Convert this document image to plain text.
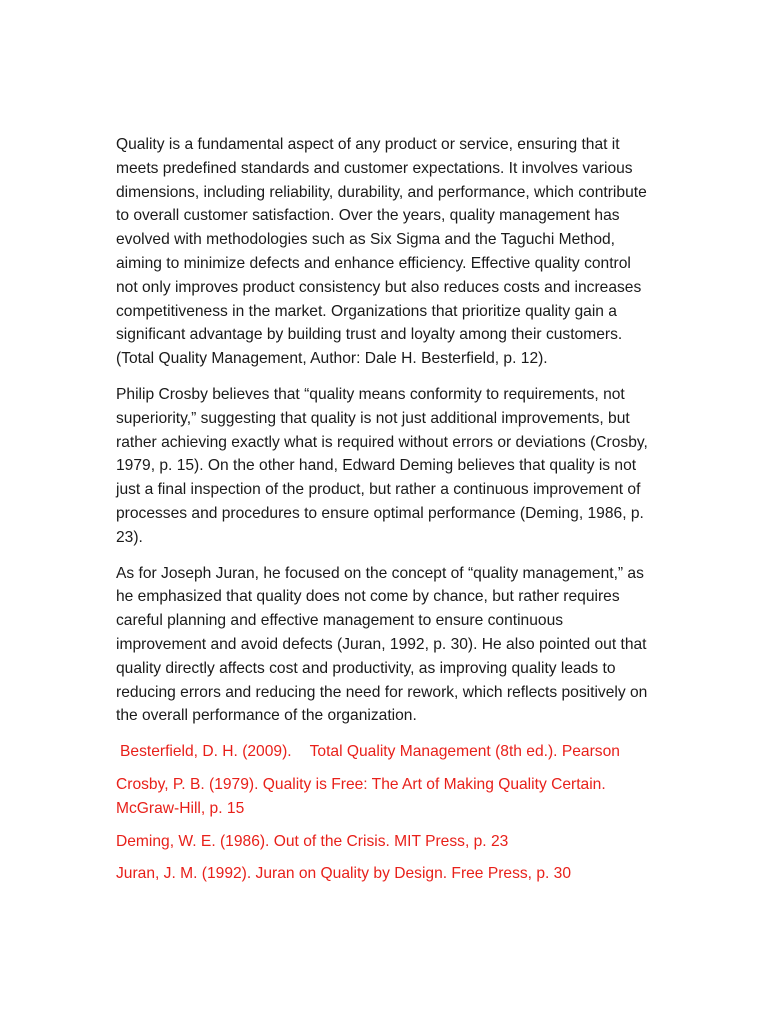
Quality is a fundamental aspect of any product or service, ensuring that it meets predefined standards and customer expectations. It involves various dimensions, including reliability, durability, and performance, which contribute to overall customer satisfaction. Over the years, quality management has evolved with methodologies such as Six Sigma and the Taguchi Method, aiming to minimize defects and enhance efficiency. Effective quality control not only improves product consistency but also reduces costs and increases competitiveness in the market. Organizations that prioritize quality gain a significant advantage by building trust and loyalty among their customers. (Total Quality Management, Author: Dale H. Besterfield, p. 12).

Philip Crosby believes that “quality means conformity to requirements, not superiority,” suggesting that quality is not just additional improvements, but rather achieving exactly what is required without errors or deviations (Crosby, 1979, p. 15). On the other hand, Edward Deming believes that quality is not just a final inspection of the product, but rather a continuous improvement of processes and procedures to ensure optimal performance (Deming, 1986, p. 23).

As for Joseph Juran, he focused on the concept of “quality management,” as he emphasized that quality does not come by chance, but rather requires careful planning and effective management to ensure continuous improvement and avoid defects (Juran, 1992, p. 30). He also pointed out that quality directly affects cost and productivity, as improving quality leads to reducing errors and reducing the need for rework, which reflects positively on the overall performance of the organization.

Besterfield, D. H. (2009). Total Quality Management (8th ed.). Pearson

Crosby, P. B. (1979). Quality is Free: The Art of Making Quality Certain. McGraw-Hill, p. 15

Deming, W. E. (1986). Out of the Crisis. MIT Press, p. 23

Juran, J. M. (1992). Juran on Quality by Design. Free Press, p. 30
